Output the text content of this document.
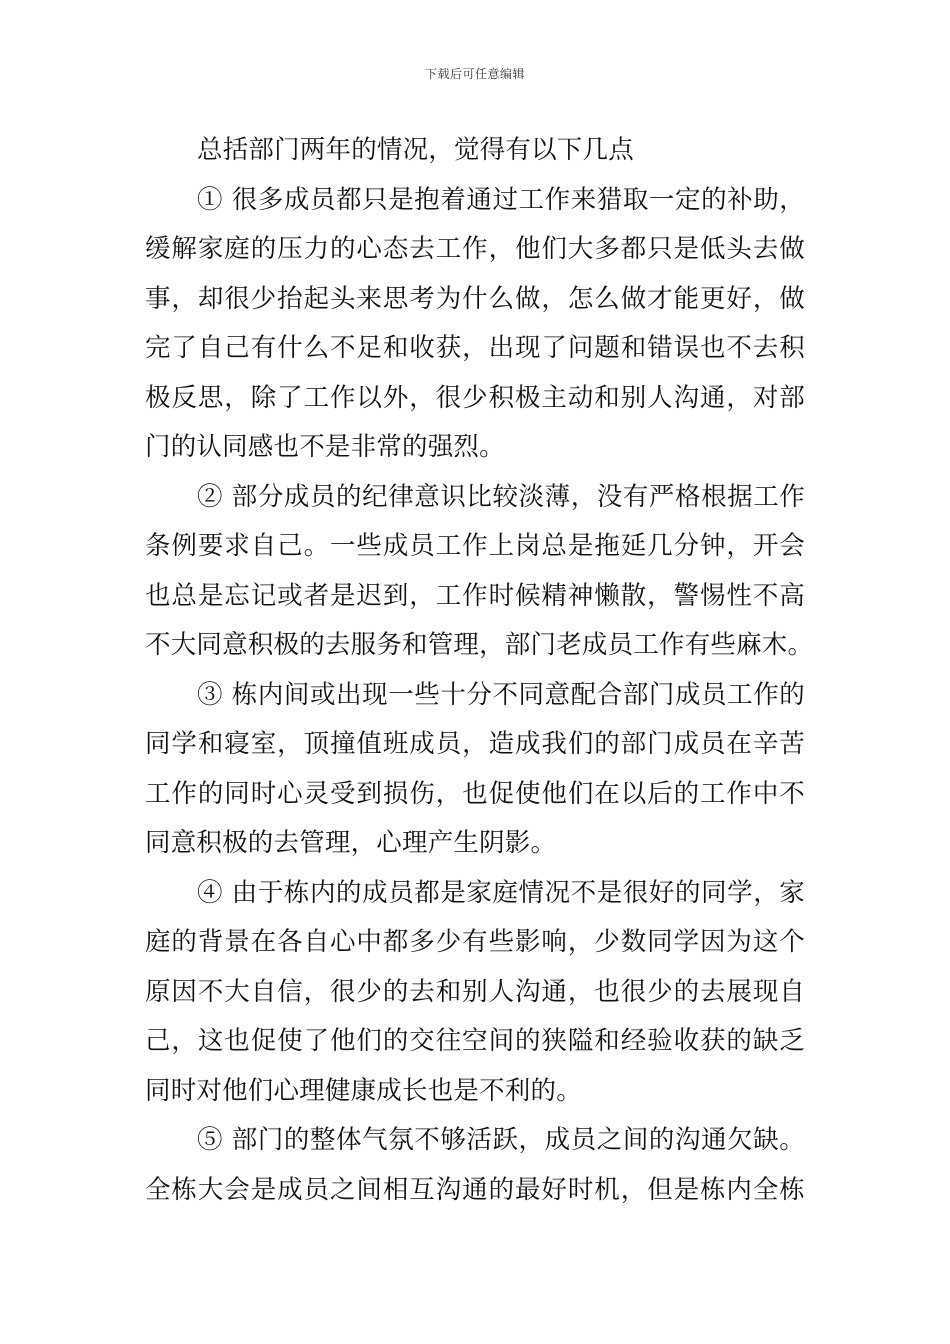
下载后可任意编辑
总括部门两年的情况，觉得有以下几点
① 很多成员都只是抱着通过工作来猎取一定的补助，
缓解家庭的压力的心态去工作，他们大多都只是低头去做
事，却很少抬起头来思考为什么做，怎么做才能更好，做
完了自己有什么不足和收获，出现了问题和错误也不去积
极反思，除了工作以外，很少积极主动和别人沟通，对部
门的认同感也不是非常的强烈。
② 部分成员的纪律意识比较淡薄，没有严格根据工作
条例要求自己。一些成员工作上岗总是拖延几分钟，开会
也总是忘记或者是迟到，工作时候精神懒散，警惕性不高
不大同意积极的去服务和管理，部门老成员工作有些麻木。
③ 栋内间或出现一些十分不同意配合部门成员工作的
同学和寝室，顶撞值班成员，造成我们的部门成员在辛苦
工作的同时心灵受到损伤，也促使他们在以后的工作中不
同意积极的去管理，心理产生阴影。
④ 由于栋内的成员都是家庭情况不是很好的同学，家
庭的背景在各自心中都多少有些影响，少数同学因为这个
原因不大自信，很少的去和别人沟通，也很少的去展现自
己，这也促使了他们的交往空间的狭隘和经验收获的缺乏
同时对他们心理健康成长也是不利的。
⑤ 部门的整体气氛不够活跃，成员之间的沟通欠缺。
全栋大会是成员之间相互沟通的最好时机，但是栋内全栋
